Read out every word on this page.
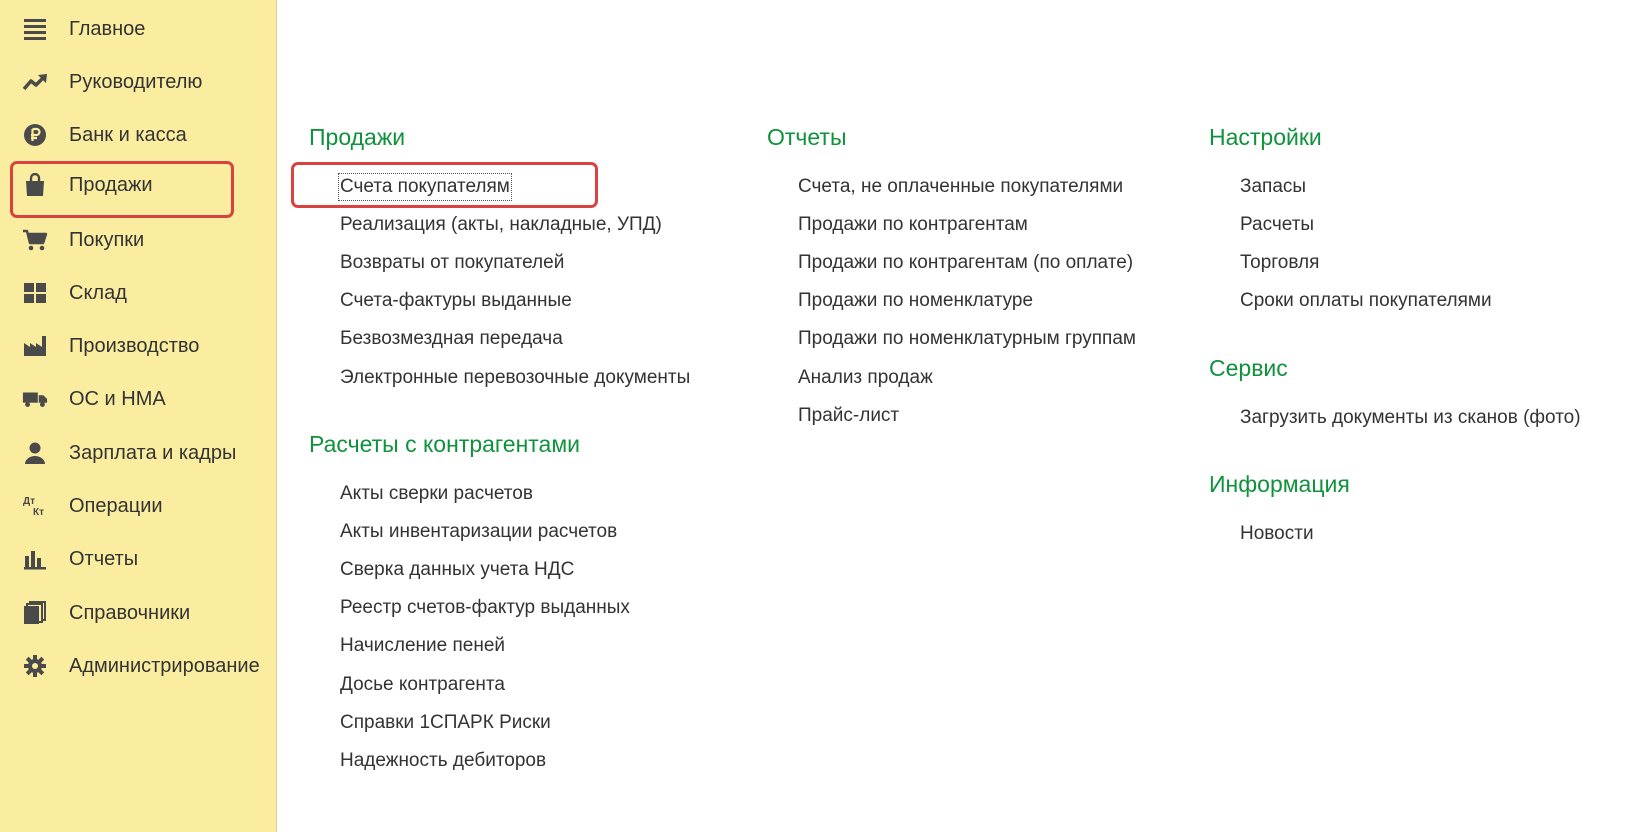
Главное
Руководителю
Банк и касса
Продажи
Покупки
Склад
Производство
ОС и НМА
Зарплата и кадры
Дт
Кт Операции
Отчеты
Справочники
Администрирование
Продажи
Счета покупателям
Реализация (акты, накладные, УПД)
Возвраты от покупателей
Счета-фактуры выданные
Безвозмездная передача
Электронные перевозочные документы
Расчеты с контрагентами
Акты сверки расчетов
Акты инвентаризации расчетов
Сверка данных учета НДС
Реестр счетов-фактур выданных
Начисление пеней
Досье контрагента
Справки 1СПАРК Риски
Надежность дебиторов
Отчеты
Счета, не оплаченные покупателями
Продажи по контрагентам
Продажи по контрагентам (по оплате)
Продажи по номенклатуре
Продажи по номенклатурным группам
Анализ продаж
Прайс-лист
Настройки
Запасы
Расчеты
Торговля
Сроки оплаты покупателями
Сервис
Загрузить документы из сканов (фото)
Информация
Новости
